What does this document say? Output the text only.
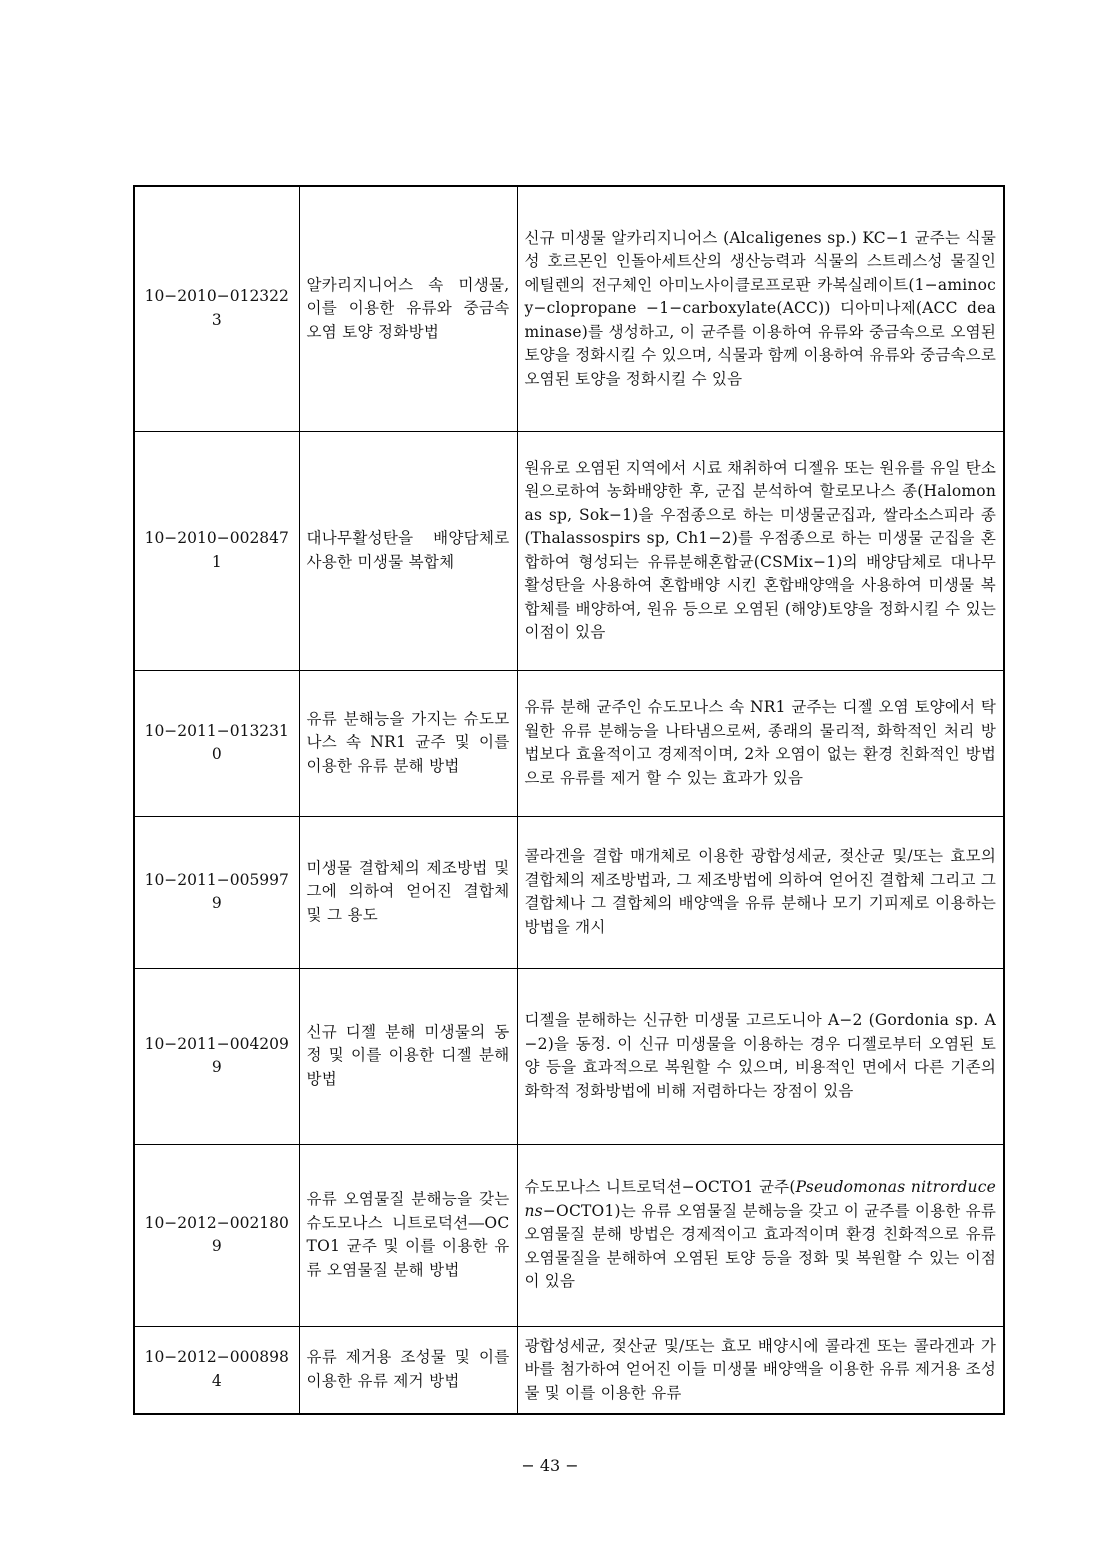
10−2010−0123223	알카리지니어스 속 미생물, 이를 이용한 유류와 중금속 오염 토양 정화방법	신규 미생물 알카리지니어스 (Alcaligenes sp.) KC−1 균주는 식물성 호르몬인 인돌아세트산의 생산능력과 식물의 스트레스성 물질인 에틸렌의 전구체인 아미노사이클로프로판 카복실레이트(1−aminocy−clopropane −1−carboxylate(ACC)) 디아미나제(ACC deaminase)를 생성하고, 이 균주를 이용하여 유류와 중금속으로 오염된 토양을 정화시킬 수 있으며, 식물과 함께 이용하여 유류와 중금속으로 오염된 토양을 정화시킬 수 있음
10−2010−0028471	대나무활성탄을 배양담체로 사용한 미생물 복합체	원유로 오염된 지역에서 시료 채취하여 디젤유 또는 원유를 유일 탄소원으로하여 농화배양한 후, 군집 분석하여 할로모나스 종(Halomonas sp, Sok−1)을 우점종으로 하는 미생물군집과, 쌀라소스피라 종(Thalassospirs sp, Ch1−2)를 우점종으로 하는 미생물 군집을 혼합하여 형성되는 유류분해혼합균(CSMix−1)의 배양담체로 대나무활성탄을 사용하여 혼합배양 시킨 혼합배양액을 사용하여 미생물 복합체를 배양하여, 원유 등으로 오염된 (해양)토양을 정화시킬 수 있는 이점이 있음
10−2011−0132310	유류 분해능을 가지는 슈도모나스 속 NR1 균주 및 이를 이용한 유류 분해 방법	유류 분해 균주인 슈도모나스 속 NR1 균주는 디젤 오염 토양에서 탁월한 유류 분해능을 나타냄으로써, 종래의 물리적, 화학적인 처리 방법보다 효율적이고 경제적이며, 2차 오염이 없는 환경 친화적인 방법으로 유류를 제거 할 수 있는 효과가 있음
10−2011−0059979	미생물 결합체의 제조방법 및 그에 의하여 얻어진 결합체 및 그 용도	콜라겐을 결합 매개체로 이용한 광합성세균, 젖산균 및/또는 효모의 결합체의 제조방법과, 그 제조방법에 의하여 얻어진 결합체 그리고 그 결합체나 그 결합체의 배양액을 유류 분해나 모기 기피제로 이용하는 방법을 개시
10−2011−0042099	신규 디젤 분해 미생물의 동정 및 이를 이용한 디젤 분해 방법	디젤을 분해하는 신규한 미생물 고르도니아 A−2 (Gordonia sp. A−2)을 동정. 이 신규 미생물을 이용하는 경우 디젤로부터 오염된 토양 등을 효과적으로 복원할 수 있으며, 비용적인 면에서 다른 기존의 화학적 정화방법에 비해 저렴하다는 장점이 있음
10−2012−0021809	유류 오염물질 분해능을 갖는 슈도모나스 니트로덕션―OCTO1 균주 및 이를 이용한 유류 오염물질 분해 방법	슈도모나스 니트로덕션−OCTO1 균주(Pseudomonas nitrorducens−OCTO1)는 유류 오염물질 분해능을 갖고 이 균주를 이용한 유류 오염물질 분해 방법은 경제적이고 효과적이며 환경 친화적으로 유류 오염물질을 분해하여 오염된 토양 등을 정화 및 복원할 수 있는 이점이 있음
10−2012−0008984	유류 제거용 조성물 및 이를 이용한 유류 제거 방법	광합성세균, 젖산균 및/또는 효모 배양시에 콜라겐 또는 콜라겐과 가바를 첨가하여 얻어진 이들 미생물 배양액을 이용한 유류 제거용 조성물 및 이를 이용한 유류
− 43 −
